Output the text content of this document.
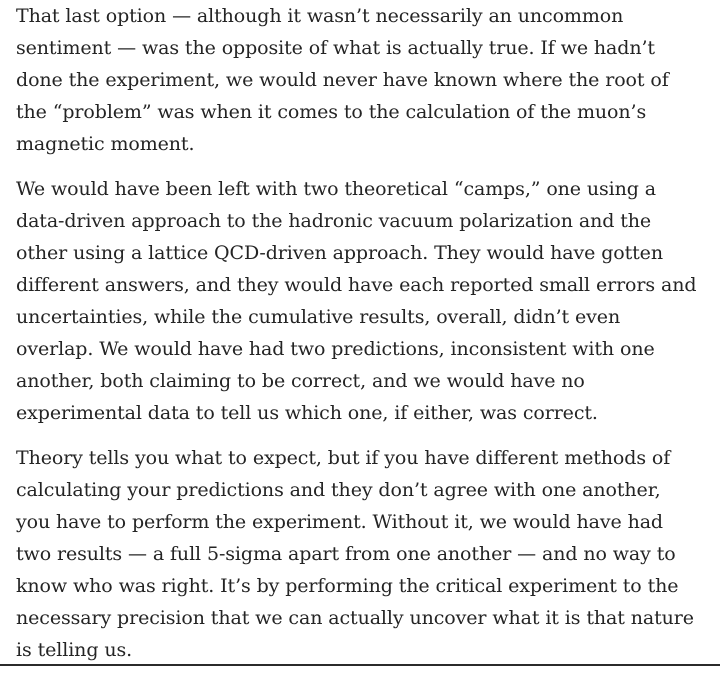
That last option — although it wasn’t necessarily an uncommon
sentiment — was the opposite of what is actually true. If we hadn’t
done the experiment, we would never have known where the root of
the “problem” was when it comes to the calculation of the muon’s
magnetic moment.

We would have been left with two theoretical “camps,” one using a
data-driven approach to the hadronic vacuum polarization and the
other using a lattice QCD-driven approach. They would have gotten
different answers, and they would have each reported small errors and
uncertainties, while the cumulative results, overall, didn’t even
overlap. We would have had two predictions, inconsistent with one
another, both claiming to be correct, and we would have no
experimental data to tell us which one, if either, was correct.

Theory tells you what to expect, but if you have different methods of
calculating your predictions and they don’t agree with one another,
you have to perform the experiment. Without it, we would have had
two results — a full 5-sigma apart from one another — and no way to
know who was right. It’s by performing the critical experiment to the
necessary precision that we can actually uncover what it is that nature
is telling us.
